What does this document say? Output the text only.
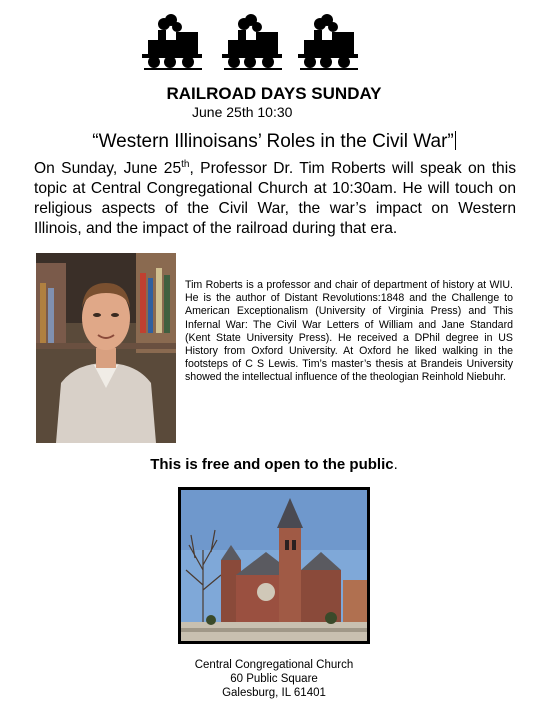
RAILROAD DAYS SUNDAY
June 25th 10:30
“Western Illinoisans’ Roles in the Civil War”
On Sunday, June 25th, Professor Dr. Tim Roberts will speak on this topic at Central Congregational Church at 10:30am. He will touch on religious aspects of the Civil War, the war’s impact on Western Illinois, and the impact of the railroad during that era.
Tim Roberts is a professor and chair of department of history at WIU. He is the author of Distant Revolutions:1848 and the Challenge to American Exceptionalism (University of Virginia Press) and This Infernal War: The Civil War Letters of William and Jane Standard (Kent State University Press). He received a DPhil degree in US History from Oxford University. At Oxford he liked walking in the footsteps of C S Lewis. Tim’s master’s thesis at Brandeis University showed the intellectual influence of the theologian Reinhold Niebuhr.
This is free and open to the public.
Central Congregational Church
60 Public Square
Galesburg, IL 61401
